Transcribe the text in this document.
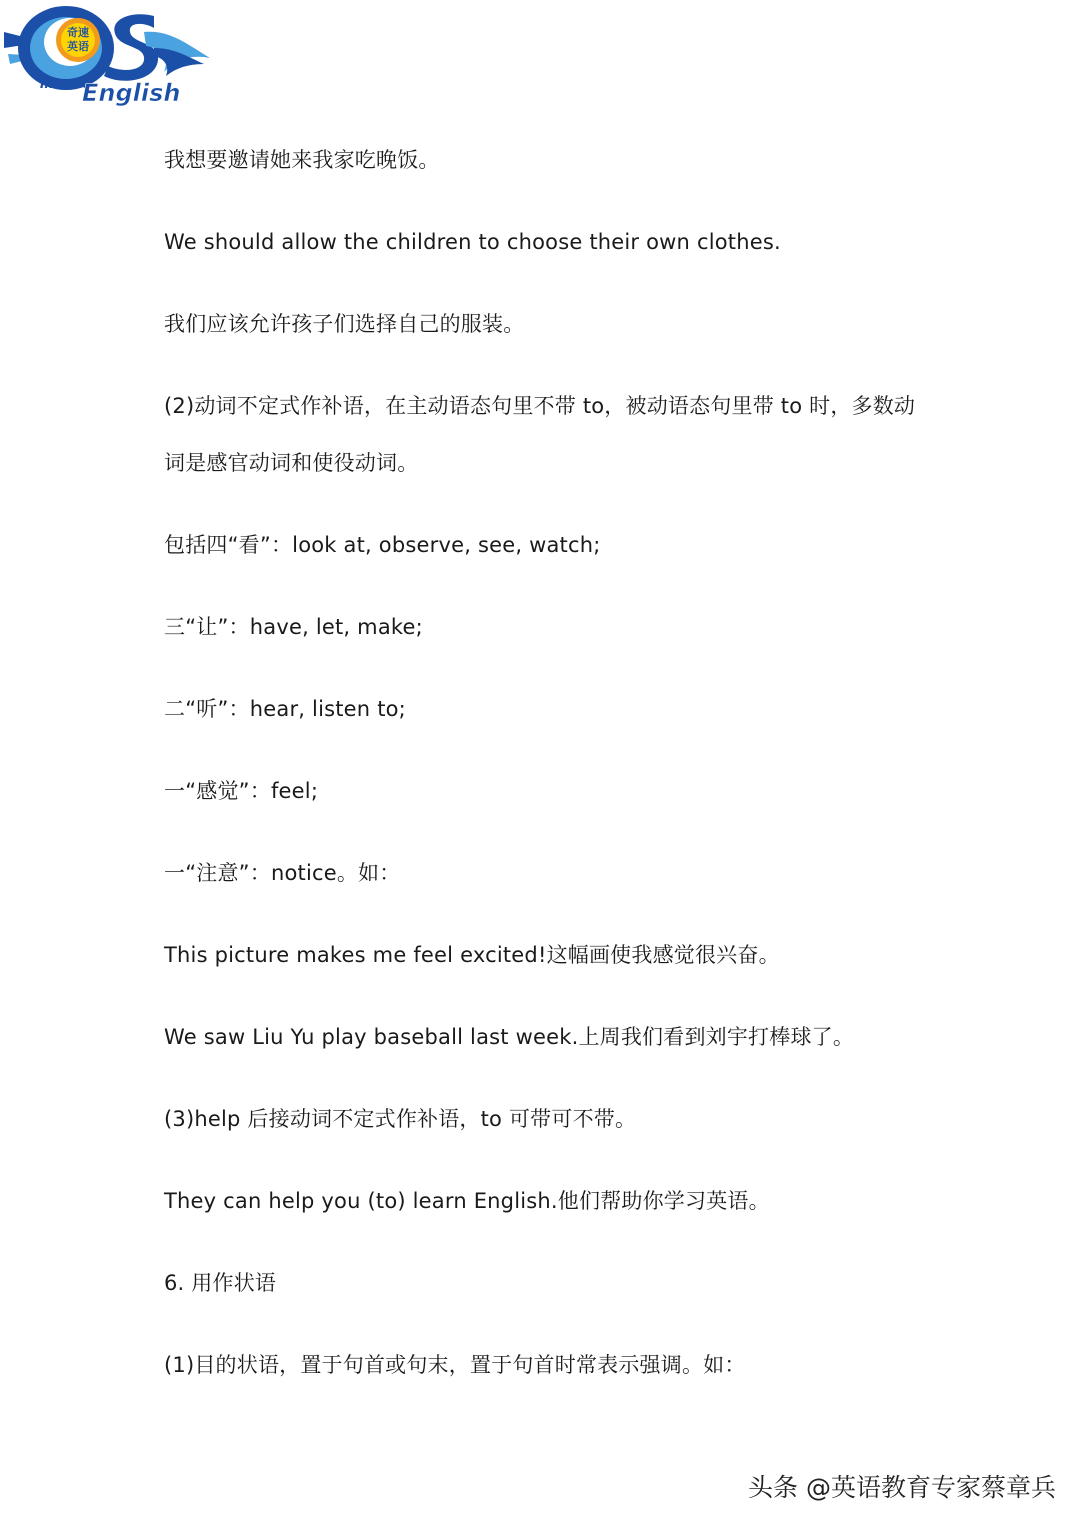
奇速
英语
Instant
English
我想要邀请她来我家吃晚饭。
We should allow the children to choose their own clothes.
我们应该允许孩子们选择自己的服装。
(2)动词不定式作补语，在主动语态句里不带 to，被动语态句里带 to 时，多数动
词是感官动词和使役动词。
包括四“看”：look at, observe, see, watch;
三“让”：have, let, make;
二“听”：hear, listen to;
一“感觉”：feel;
一“注意”：notice。如：
This picture makes me feel excited!这幅画使我感觉很兴奋。
We saw Liu Yu play baseball last week.上周我们看到刘宇打棒球了。
(3)help 后接动词不定式作补语，to 可带可不带。
They can help you (to) learn English.他们帮助你学习英语。
6. 用作状语
(1)目的状语，置于句首或句末，置于句首时常表示强调。如：
头条 @英语教育专家蔡章兵
